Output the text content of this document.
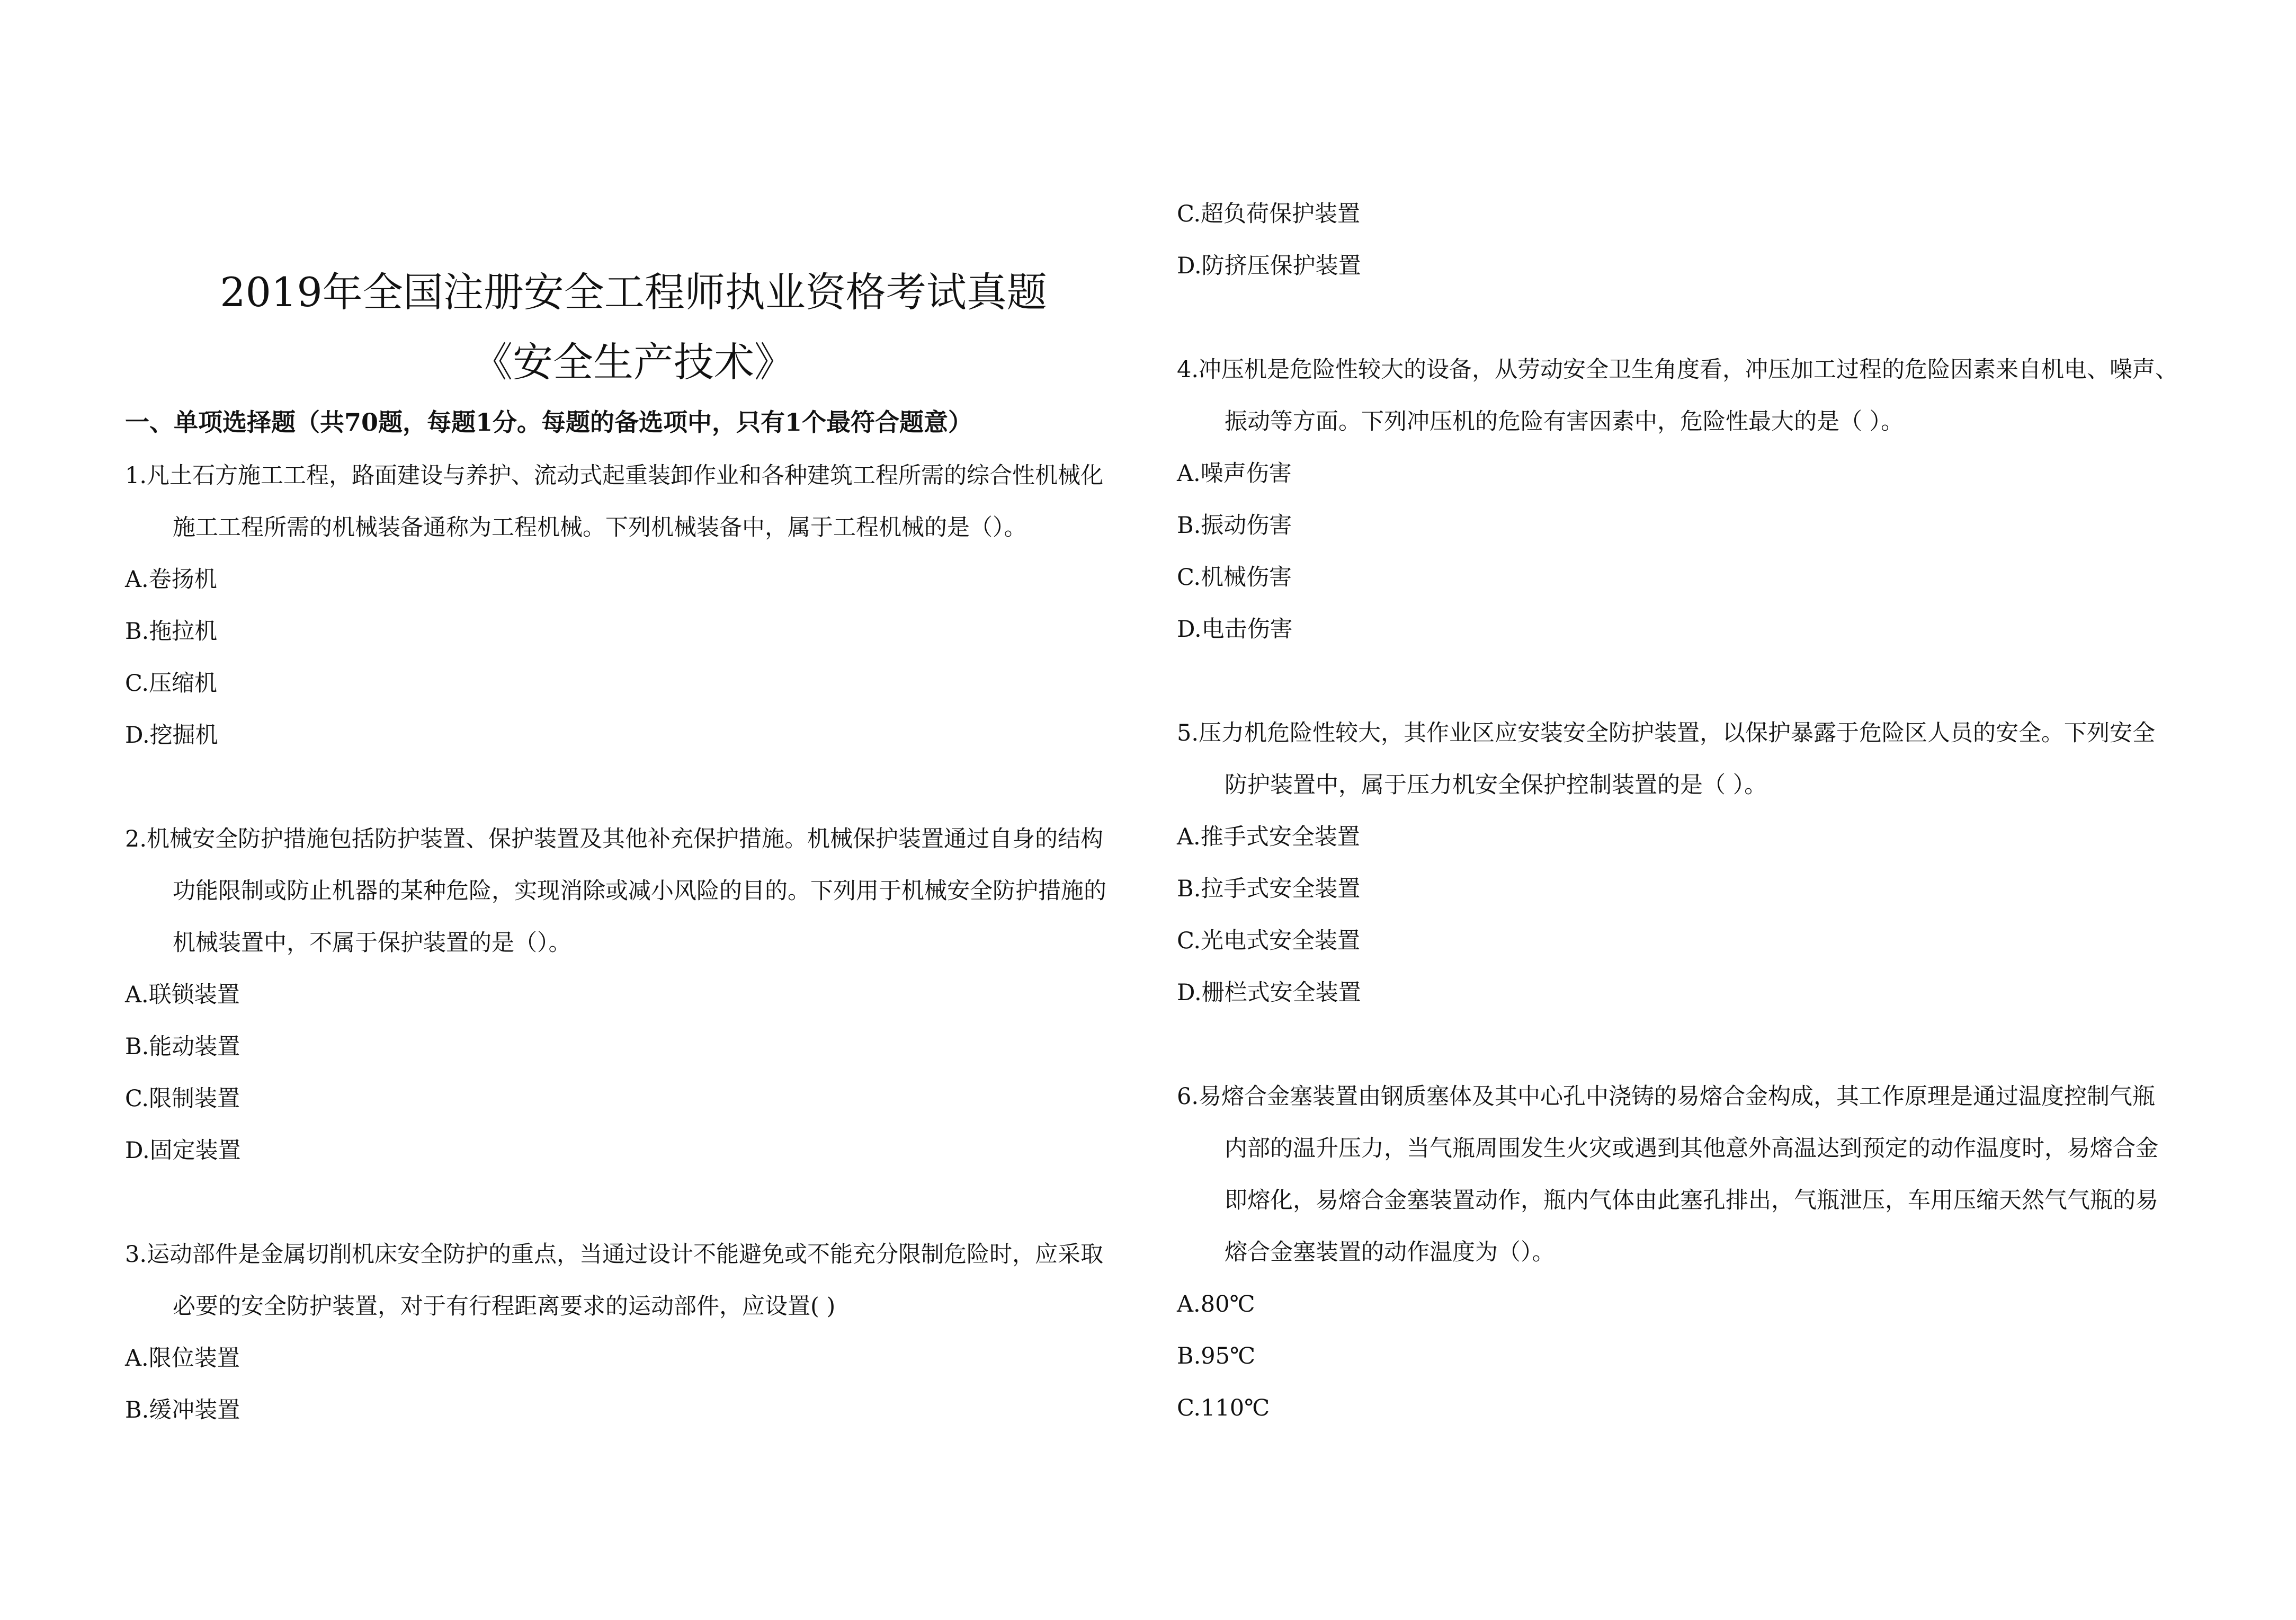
2019年全国注册安全工程师执业资格考试真题
《安全生产技术》
一、单项选择题（共70题，每题1分。每题的备选项中，只有1个最符合题意）
1.凡土石方施工工程，路面建设与养护、流动式起重装卸作业和各种建筑工程所需的综合性机械化
施工工程所需的机械装备通称为工程机械。下列机械装备中，属于工程机械的是（）。
A.卷扬机
B.拖拉机
C.压缩机
D.挖掘机
2.机械安全防护措施包括防护装置、保护装置及其他补充保护措施。机械保护装置通过自身的结构
功能限制或防止机器的某种危险，实现消除或减小风险的目的。下列用于机械安全防护措施的
机械装置中，不属于保护装置的是（）。
A.联锁装置
B.能动装置
C.限制装置
D.固定装置
3.运动部件是金属切削机床安全防护的重点，当通过设计不能避免或不能充分限制危险时，应采取
必要的安全防护装置，对于有行程距离要求的运动部件，应设置( )
A.限位装置
B.缓冲装置
C.超负荷保护装置
D.防挤压保护装置
4.冲压机是危险性较大的设备，从劳动安全卫生角度看，冲压加工过程的危险因素来自机电、噪声、
振动等方面。下列冲压机的危险有害因素中，危险性最大的是（ ）。
A.噪声伤害
B.振动伤害
C.机械伤害
D.电击伤害
5.压力机危险性较大，其作业区应安装安全防护装置，以保护暴露于危险区人员的安全。下列安全
防护装置中，属于压力机安全保护控制装置的是（ ）。
A.推手式安全装置
B.拉手式安全装置
C.光电式安全装置
D.栅栏式安全装置
6.易熔合金塞装置由钢质塞体及其中心孔中浇铸的易熔合金构成，其工作原理是通过温度控制气瓶
内部的温升压力，当气瓶周围发生火灾或遇到其他意外高温达到预定的动作温度时，易熔合金
即熔化，易熔合金塞装置动作，瓶内气体由此塞孔排出，气瓶泄压，车用压缩天然气气瓶的易
熔合金塞装置的动作温度为（）。
A.80℃
B.95℃
C.110℃
